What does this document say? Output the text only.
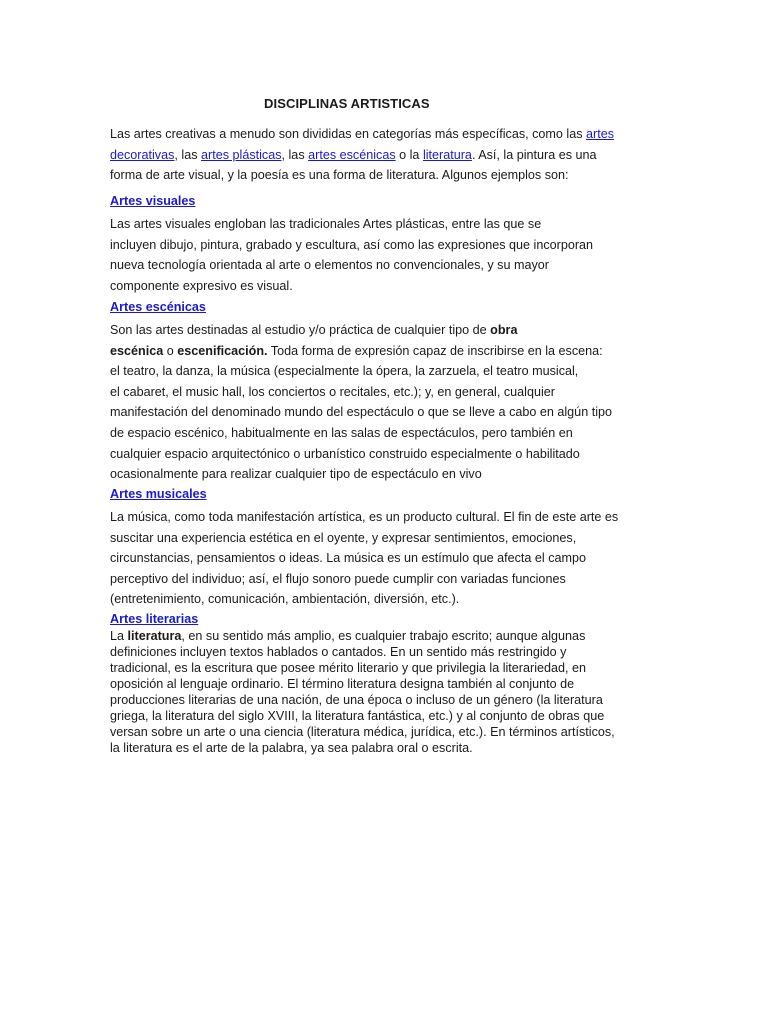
DISCIPLINAS ARTISTICAS
Las artes creativas a menudo son divididas en categorías más específicas, como las artes
decorativas, las artes plásticas, las artes escénicas o la literatura. Así, la pintura es una
forma de arte visual, y la poesía es una forma de literatura. Algunos ejemplos son:
Artes visuales
Las artes visuales engloban las tradicionales Artes plásticas, entre las que se
incluyen dibujo, pintura, grabado y escultura, así como las expresiones que incorporan
nueva tecnología orientada al arte o elementos no convencionales, y su mayor
componente expresivo es visual.
Artes escénicas
Son las artes destinadas al estudio y/o práctica de cualquier tipo de obra
escénica o escenificación. Toda forma de expresión capaz de inscribirse en la escena:
el teatro, la danza, la música (especialmente la ópera, la zarzuela, el teatro musical,
el cabaret, el music hall, los conciertos o recitales, etc.); y, en general, cualquier
manifestación del denominado mundo del espectáculo o que se lleve a cabo en algún tipo
de espacio escénico, habitualmente en las salas de espectáculos, pero también en
cualquier espacio arquitectónico o urbanístico construido especialmente o habilitado
ocasionalmente para realizar cualquier tipo de espectáculo en vivo
Artes musicales
La música, como toda manifestación artística, es un producto cultural. El fin de este arte es
suscitar una experiencia estética en el oyente, y expresar sentimientos, emociones,
circunstancias, pensamientos o ideas. La música es un estímulo que afecta el campo
perceptivo del individuo; así, el flujo sonoro puede cumplir con variadas funciones
(entretenimiento, comunicación, ambientación, diversión, etc.).
Artes literarias
La literatura, en su sentido más amplio, es cualquier trabajo escrito; aunque algunas
definiciones incluyen textos hablados o cantados. En un sentido más restringido y
tradicional, es la escritura que posee mérito literario y que privilegia la literariedad, en
oposición al lenguaje ordinario. El término literatura designa también al conjunto de
producciones literarias de una nación, de una época o incluso de un género (la literatura
griega, la literatura del siglo XVIII, la literatura fantástica, etc.) y al conjunto de obras que
versan sobre un arte o una ciencia (literatura médica, jurídica, etc.). En términos artísticos,
la literatura es el arte de la palabra, ya sea palabra oral o escrita.
